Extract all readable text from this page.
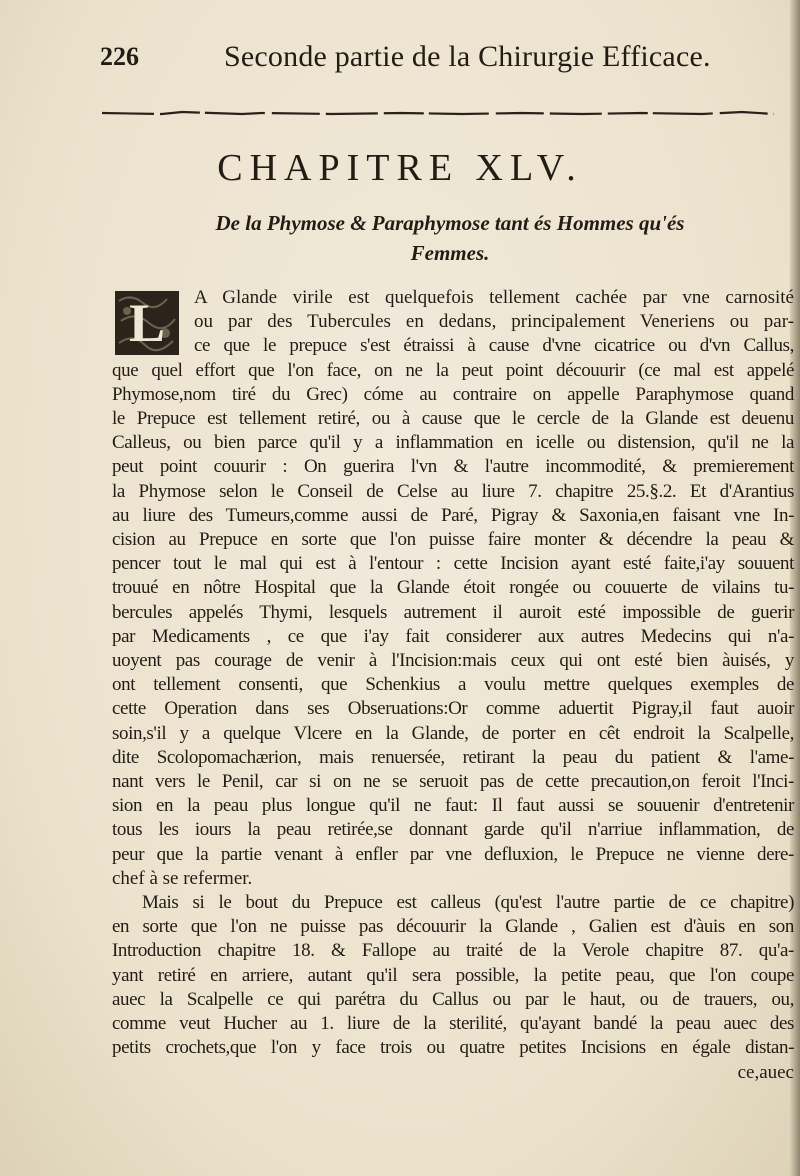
226	Seconde partie de la Chirurgie Efficace.
CHAPITRE XLV.
De la Phymose & Paraphymose tant és Hommes qu'és
Femmes.
L A Glande virile est quelquefois tellement cachée par vne carnosité
ou par des Tubercules en dedans, principalement Veneriens ou par-
ce que le prepuce s'est étraissi à cause d'vne cicatrice ou d'vn Callus,
que quel effort que l'on face, on ne la peut point découurir (ce mal est appelé
Phymose,nom tiré du Grec) cóme au contraire on appelle Paraphymose quand
le Prepuce est tellement retiré, ou à cause que le cercle de la Glande est deuenu
Calleus, ou bien parce qu'il y a inflammation en icelle ou distension, qu'il ne la
peut point couurir : On guerira l'vn & l'autre incommodité, & premierement
la Phymose selon le Conseil de Celse au liure 7. chapitre 25.§.2. Et d'Arantius
au liure des Tumeurs,comme aussi de Paré, Pigray & Saxonia,en faisant vne In-
cision au Prepuce en sorte que l'on puisse faire monter & décendre la peau &
pencer tout le mal qui est à l'entour : cette Incision ayant esté faite,i'ay souuent
trouué en nôtre Hospital que la Glande étoit rongée ou couuerte de vilains tu-
bercules appelés Thymi, lesquels autrement il auroit esté impossible de guerir
par Medicaments , ce que i'ay fait considerer aux autres Medecins qui n'a-
uoyent pas courage de venir à l'Incision:mais ceux qui ont esté bien àuisés, y
ont tellement consenti, que Schenkius a voulu mettre quelques exemples de
cette Operation dans ses Obseruations:Or comme aduertit Pigray,il faut auoir
soin,s'il y a quelque Vlcere en la Glande, de porter en cêt endroit la Scalpelle,
dite Scolopomachærion, mais renuersée, retirant la peau du patient & l'ame-
nant vers le Penil, car si on ne se seruoit pas de cette precaution,on feroit l'Inci-
sion en la peau plus longue qu'il ne faut: Il faut aussi se souuenir d'entretenir
tous les iours la peau retirée,se donnant garde qu'il n'arriue inflammation, de
peur que la partie venant à enfler par vne defluxion, le Prepuce ne vienne dere-
chef à se refermer.
Mais si le bout du Prepuce est calleus (qu'est l'autre partie de ce chapitre)
en sorte que l'on ne puisse pas découurir la Glande , Galien est d'àuis en son
Introduction chapitre 18. & Fallope au traité de la Verole chapitre 87. qu'a-
yant retiré en arriere, autant qu'il sera possible, la petite peau, que l'on coupe
auec la Scalpelle ce qui parétra du Callus ou par le haut, ou de trauers, ou,
comme veut Hucher au 1. liure de la sterilité, qu'ayant bandé la peau auec des
petits crochets,que l'on y face trois ou quatre petites Incisions en égale distan-
ce,auec
